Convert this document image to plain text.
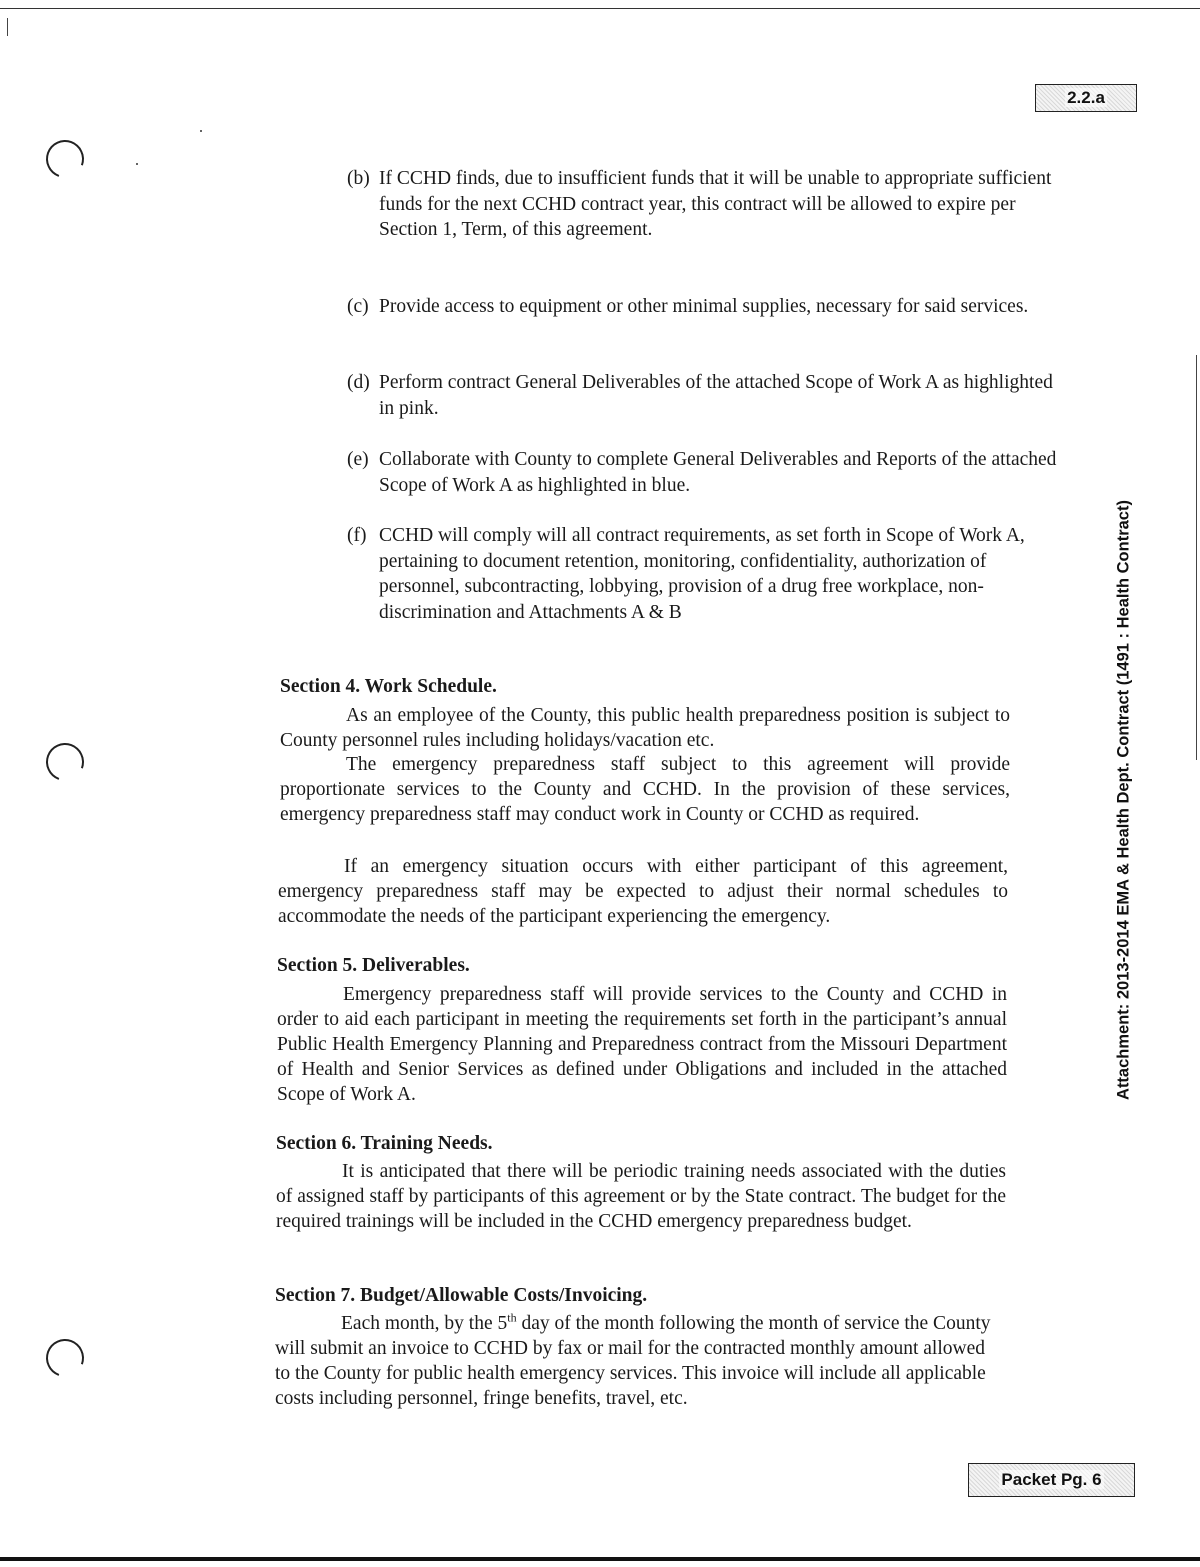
2.2.a
Attachment: 2013-2014 EMA & Health Dept. Contract (1491 : Health Contract)
(b) If CCHD finds, due to insufficient funds that it will be unable to appropriate sufficient funds for the next CCHD contract year, this contract will be allowed to expire per Section 1, Term, of this agreement.
(c) Provide access to equipment or other minimal supplies, necessary for said services.
(d) Perform contract General Deliverables of the attached Scope of Work A as highlighted in pink.
(e) Collaborate with County to complete General Deliverables and Reports of the attached Scope of Work A as highlighted in blue.
(f) CCHD will comply will all contract requirements, as set forth in Scope of Work A, pertaining to document retention, monitoring, confidentiality, authorization of personnel, subcontracting, lobbying, provision of a drug free workplace, non-discrimination and Attachments A & B
Section 4. Work Schedule.
As an employee of the County, this public health preparedness position is subject to County personnel rules including holidays/vacation etc.
The emergency preparedness staff subject to this agreement will provide proportionate services to the County and CCHD. In the provision of these services, emergency preparedness staff may conduct work in County or CCHD as required.
If an emergency situation occurs with either participant of this agreement, emergency preparedness staff may be expected to adjust their normal schedules to accommodate the needs of the participant experiencing the emergency.
Section 5. Deliverables.
Emergency preparedness staff will provide services to the County and CCHD in order to aid each participant in meeting the requirements set forth in the participant’s annual Public Health Emergency Planning and Preparedness contract from the Missouri Department of Health and Senior Services as defined under Obligations and included in the attached Scope of Work A.
Section 6. Training Needs.
It is anticipated that there will be periodic training needs associated with the duties of assigned staff by participants of this agreement or by the State contract. The budget for the required trainings will be included in the CCHD emergency preparedness budget.
Section 7. Budget/Allowable Costs/Invoicing.
Each month, by the 5th day of the month following the month of service the County will submit an invoice to CCHD by fax or mail for the contracted monthly amount allowed to the County for public health emergency services. This invoice will include all applicable costs including personnel, fringe benefits, travel, etc.
Packet Pg. 6
